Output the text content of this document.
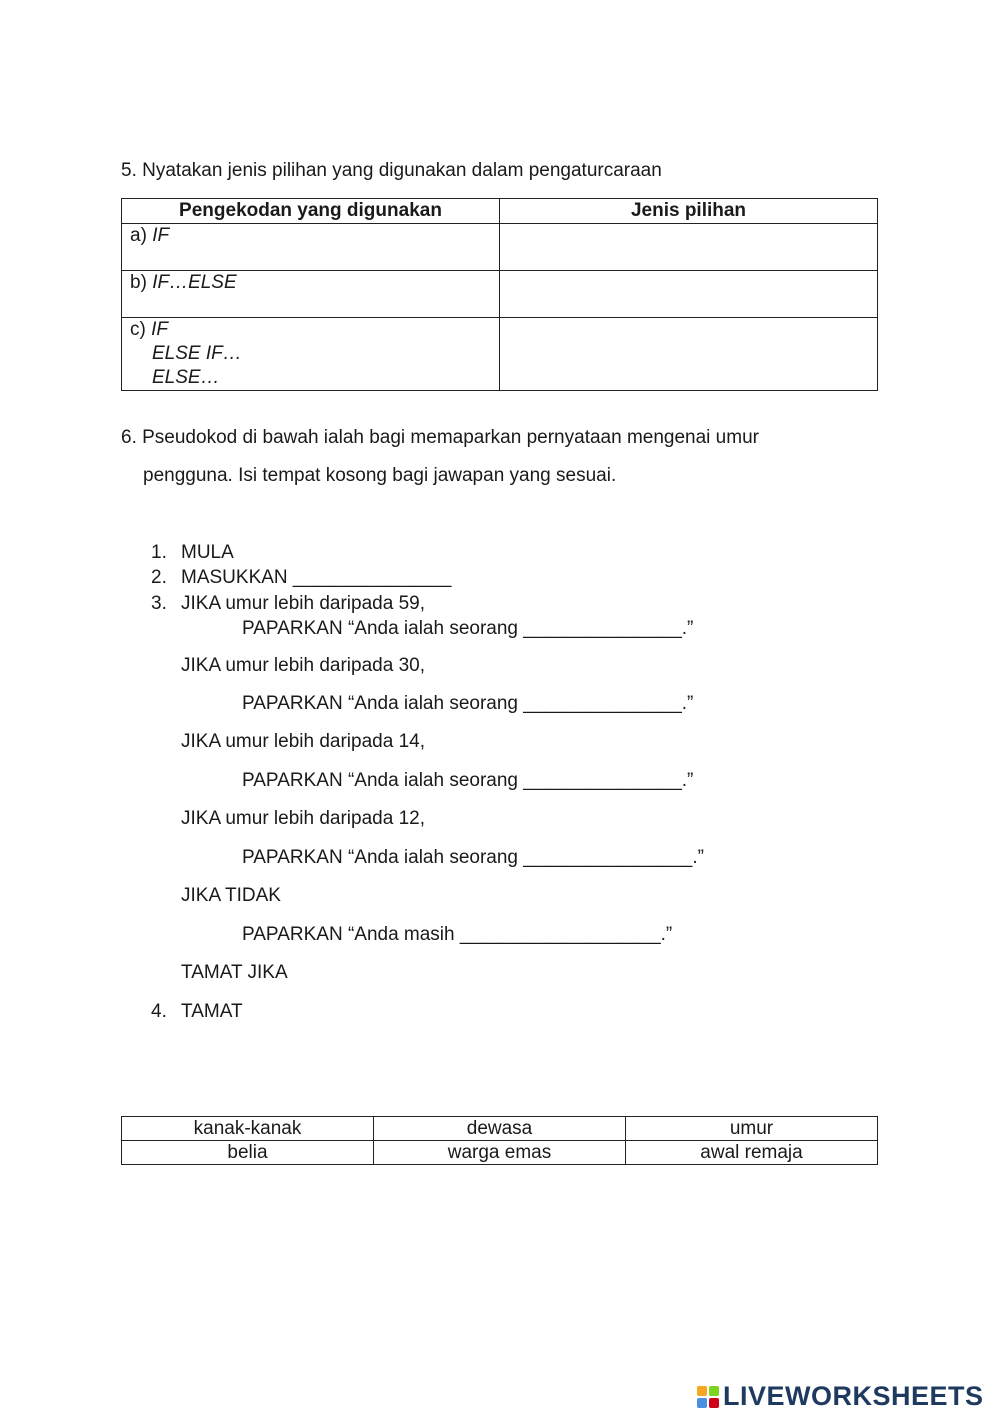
5. Nyatakan jenis pilihan yang digunakan dalam pengaturcaraan
Pengekodan yang digunakan	Jenis pilihan
a) IF	
b) IF…ELSE	

c) IF
ELSE IF…
ELSE…	

6. Pseudokod di bawah ialah bagi memaparkan pernyataan mengenai umur
pengguna. Isi tempat kosong bagi jawapan yang sesuai.
1. MULA
2. MASUKKAN _______________
3. JIKA umur lebih daripada 59,
PAPARKAN “Anda ialah seorang _______________.”
JIKA umur lebih daripada 30,
PAPARKAN “Anda ialah seorang _______________.”
JIKA umur lebih daripada 14,
PAPARKAN “Anda ialah seorang _______________.”
JIKA umur lebih daripada 12,
PAPARKAN “Anda ialah seorang ________________.”
JIKA TIDAK
PAPARKAN “Anda masih ___________________.”
TAMAT JIKA
4. TAMAT
kanak-kanak	dewasa	umur
belia	warga emas	awal remaja
LIVEWORKSHEETS
